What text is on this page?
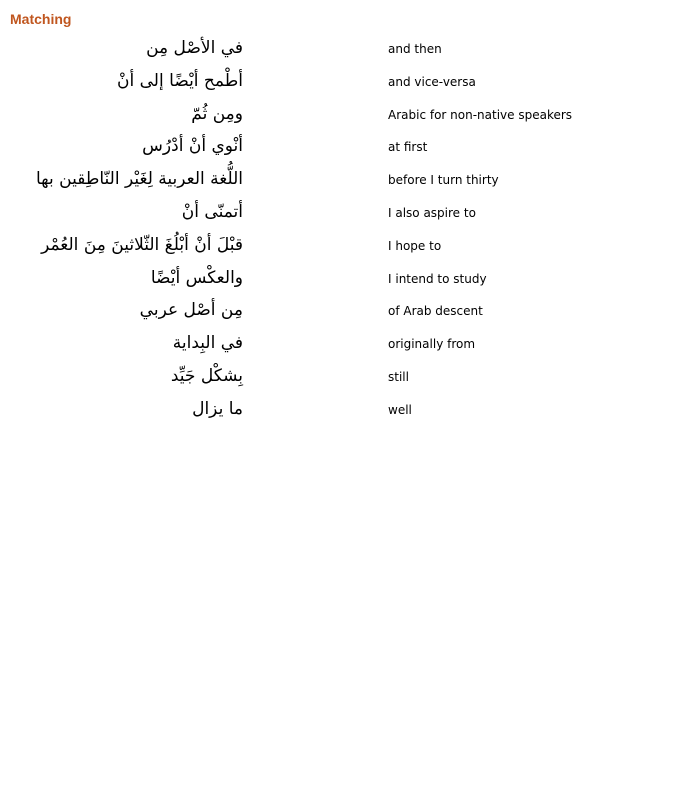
Matching
في الأصل من	and then
أطمح أيضا إلى أن	and vice-versa
ومن ثم	Arabic for non-native speakers
أنوي أن أدرس	at first
اللغة العربية لغير الناطقين بها	before I turn thirty
أتمنى أن	I also aspire to
قبل أن أبلغ الثلاثين من العمر	I hope to
والعكس أيضا	I intend to study
من أصل عربي	of Arab descent
في البداية	originally from
بشكل جيد	still
ما يزال	well
